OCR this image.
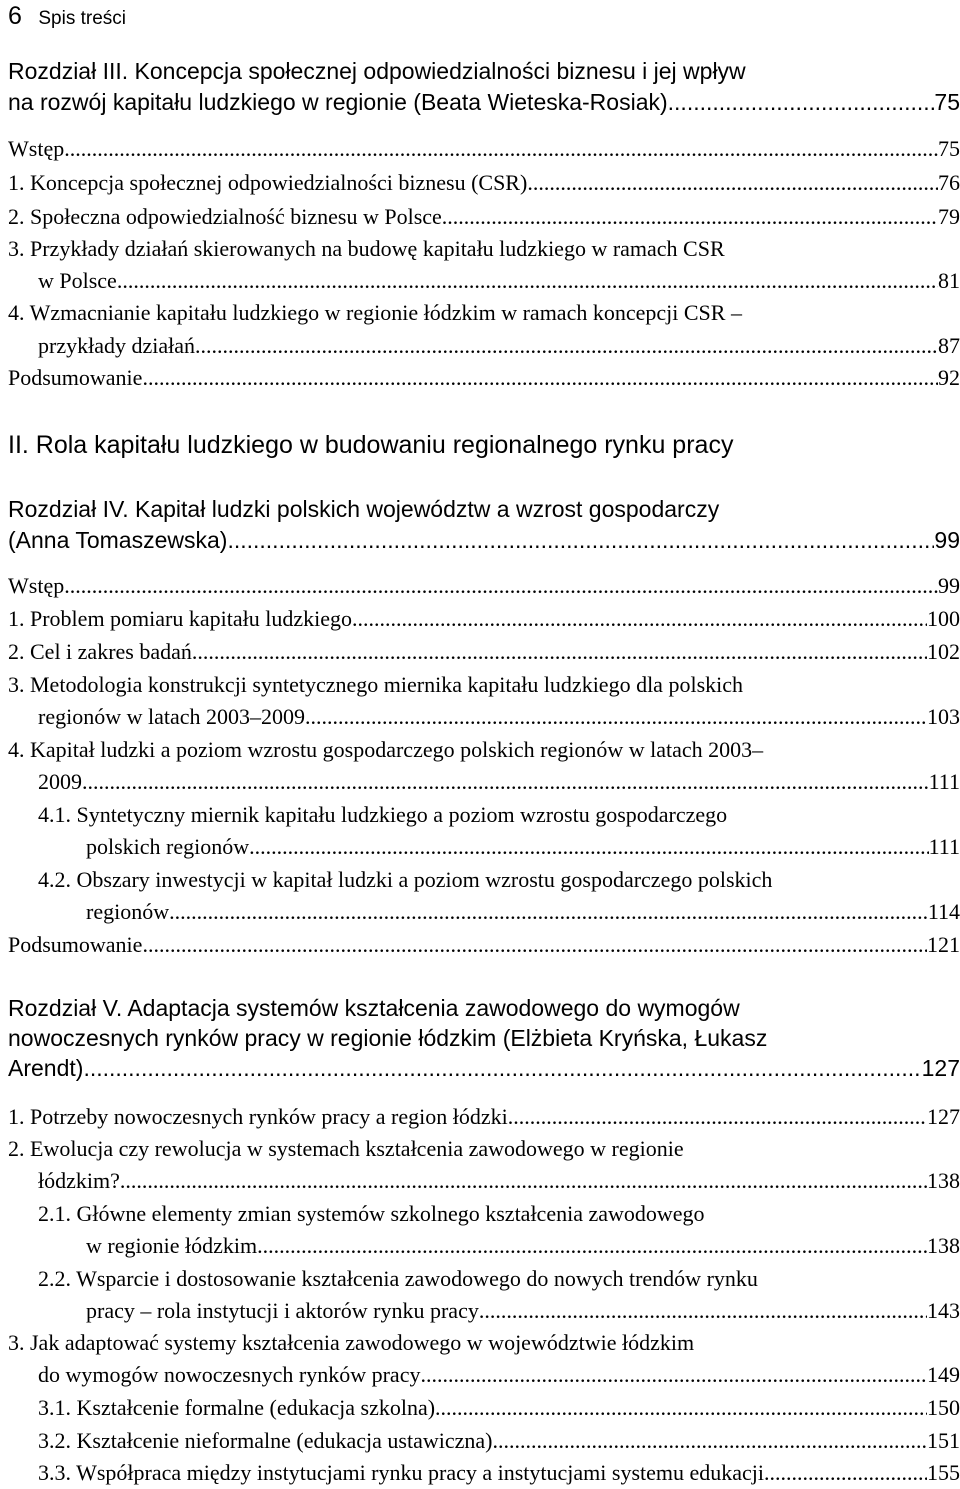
6 Spis treści
Rozdział III. Koncepcja społecznej odpowiedzialności biznesu i jej wpływ
na rozwój kapitału ludzkiego w regionie (Beata Wieteska-Rosiak) .....	75
Wstęp .....	75
1. Koncepcja społecznej odpowiedzialności biznesu (CSR) .....	76
2. Społeczna odpowiedzialność biznesu w Polsce .....	79
3. Przykłady działań skierowanych na budowę kapitału ludzkiego w ramach CSR
w Polsce .....	81
4. Wzmacnianie kapitału ludzkiego w regionie łódzkim w ramach koncepcji CSR –
przykłady działań .....	87
Podsumowanie .....	92
II. Rola kapitału ludzkiego w budowaniu regionalnego rynku pracy
Rozdział IV. Kapitał ludzki polskich województw a wzrost gospodarczy
(Anna Tomaszewska) .....	99
Wstęp .....	99
1. Problem pomiaru kapitału ludzkiego .....	100
2. Cel i zakres badań .....	102
3. Metodologia konstrukcji syntetycznego miernika kapitału ludzkiego dla polskich
regionów w latach 2003–2009 .....	103
4. Kapitał ludzki a poziom wzrostu gospodarczego polskich regionów w latach 2003–
2009 .....	111
4.1. Syntetyczny miernik kapitału ludzkiego a poziom wzrostu gospodarczego
polskich regionów .....	111
4.2. Obszary inwestycji w kapitał ludzki a poziom wzrostu gospodarczego polskich
regionów .....	114
Podsumowanie .....	121
Rozdział V. Adaptacja systemów kształcenia zawodowego do wymogów
nowoczesnych rynków pracy w regionie łódzkim (Elżbieta Kryńska, Łukasz
Arendt) .....	127
1. Potrzeby nowoczesnych rynków pracy a region łódzki .....	127
2. Ewolucja czy rewolucja w systemach kształcenia zawodowego w regionie
łódzkim? .....	138
2.1. Główne elementy zmian systemów szkolnego kształcenia zawodowego
w regionie łódzkim .....	138
2.2. Wsparcie i dostosowanie kształcenia zawodowego do nowych trendów rynku
pracy – rola instytucji i aktorów rynku pracy .....	143
3. Jak adaptować systemy kształcenia zawodowego w województwie łódzkim
do wymogów nowoczesnych rynków pracy .....	149
3.1. Kształcenie formalne (edukacja szkolna) .....	150
3.2. Kształcenie nieformalne (edukacja ustawiczna) .....	151
3.3. Współpraca między instytucjami rynku pracy a instytucjami systemu edukacji .....	155
